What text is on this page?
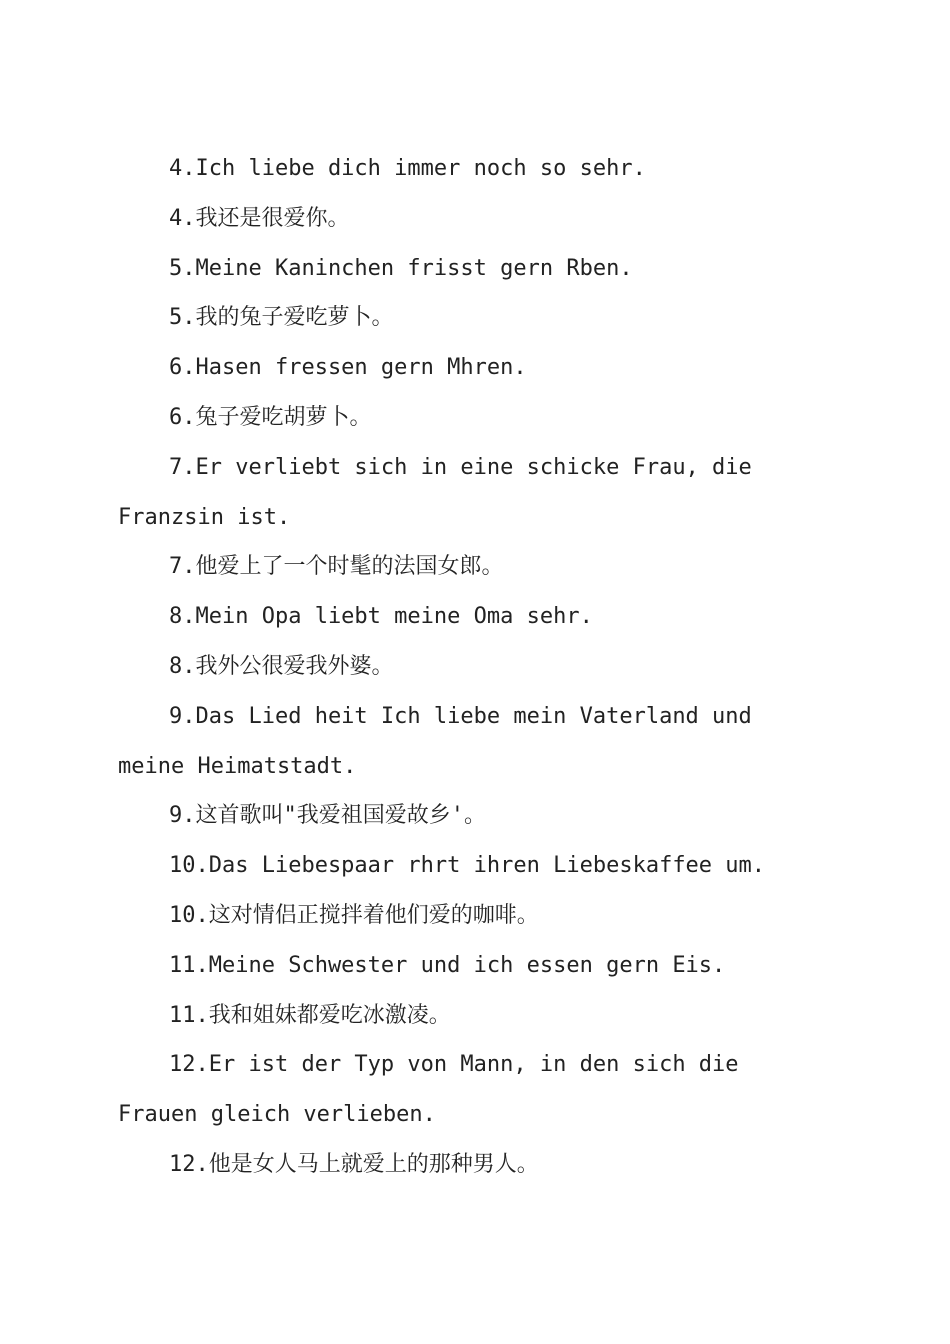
4.Ich liebe dich immer noch so sehr.

4.我还是很爱你。

5.Meine Kaninchen frisst gern Rben.

5.我的兔子爱吃萝卜。

6.Hasen fressen gern Mhren.

6.兔子爱吃胡萝卜。

7.Er verliebt sich in eine schicke Frau, die Franzsin ist.

7.他爱上了一个时髦的法国女郎。

8.Mein Opa liebt meine Oma sehr.

8.我外公很爱我外婆。

9.Das Lied heit Ich liebe mein Vaterland und meine Heimatstadt.

9.这首歌叫"我爱祖国爱故乡'。

10.Das Liebespaar rhrt ihren Liebeskaffee um.

10.这对情侣正搅拌着他们爱的咖啡。

11.Meine Schwester und ich essen gern Eis.

11.我和姐妹都爱吃冰激凌。

12.Er ist der Typ von Mann, in den sich die Frauen gleich verlieben.

12.他是女人马上就爱上的那种男人。
